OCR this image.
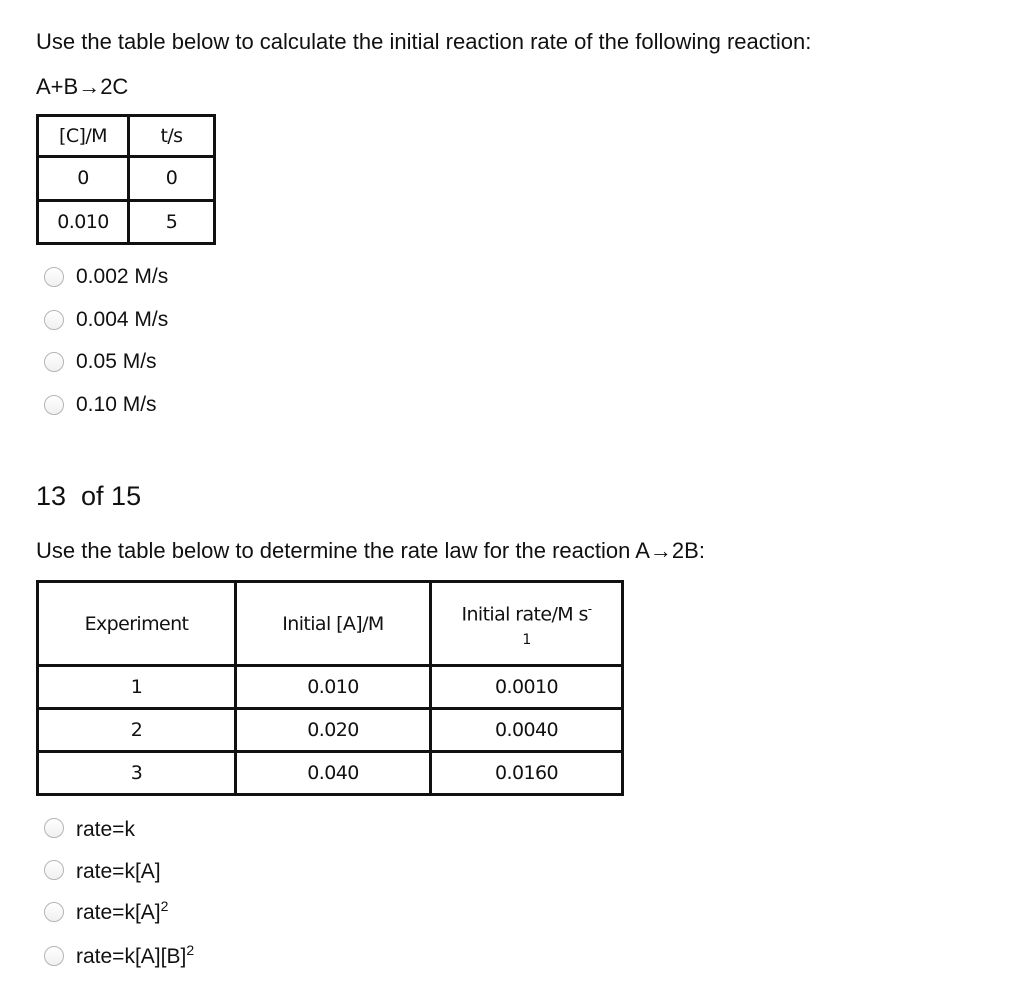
Use the table below to calculate the initial reaction rate of the following reaction:
A+B→2C
[C]/M	t/s
0	0
0.010	5
0.002 M/s
0.004 M/s
0.05 M/s
0.10 M/s
13  of 15
Use the table below to determine the rate law for the reaction A→2B:
Experiment	Initial [A]/M	Initial rate/M s-
1
1	0.010	0.0010
2	0.020	0.0040
3	0.040	0.0160
rate=k
rate=k[A]
$rate=k[A]^2$
$rate=k[A][B]^2$
